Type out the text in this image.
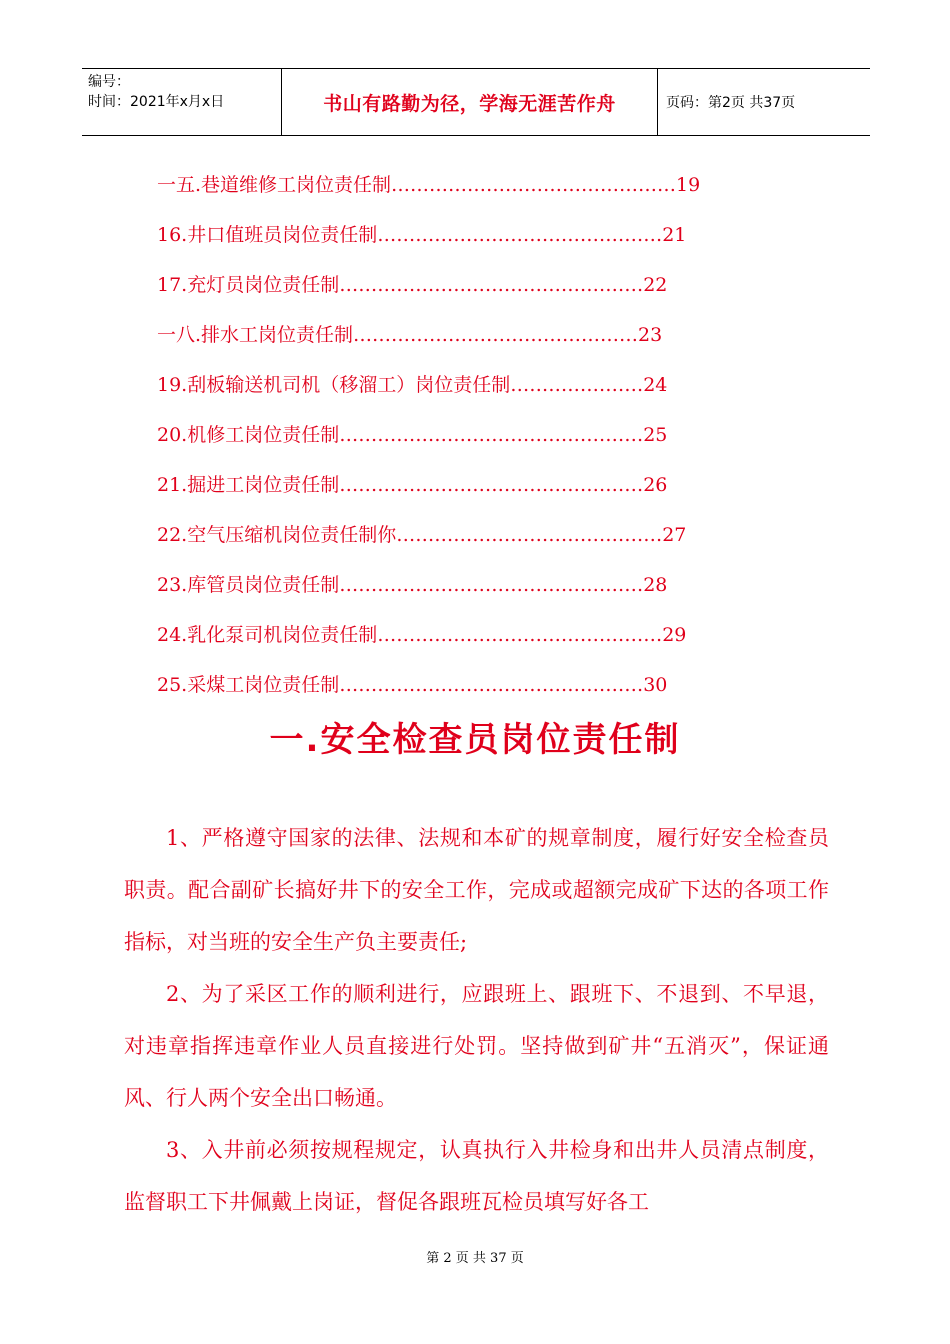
编号：
时间：2021年x月x日	书山有路勤为径，学海无涯苦作舟	页码：第2页 共37页
一五.巷道维修工岗位责任制 ……………………………………… 19
16.井口值班员岗位责任制 ……………………………………… 21
17.充灯员岗位责任制 ………………………………………… 22
一八.排水工岗位责任制 ……………………………………… 23
19.刮板输送机司机（移溜工）岗位责任制 ………………… 24
20.机修工岗位责任制 ………………………………………… 25
21.掘进工岗位责任制 ………………………………………… 26
22.空气压缩机岗位责任制你 …………………………………… 27
23.库管员岗位责任制 ………………………………………… 28
24.乳化泵司机岗位责任制 ……………………………………… 29
25.采煤工岗位责任制 ………………………………………… 30
一.安全检查员岗位责任制

1、严格遵守国家的法律、法规和本矿的规章制度，履行好安全检查员职责。配合副矿长搞好井下的安全工作，完成或超额完成矿下达的各项工作指标，对当班的安全生产负主要责任;

2、为了采区工作的顺利进行，应跟班上、跟班下、不退到、不早退，对违章指挥违章作业人员直接进行处罚。坚持做到矿井“五消灭”，保证通风、行人两个安全出口畅通。

3、入井前必须按规程规定，认真执行入井检身和出井人员清点制度，监督职工下井佩戴上岗证，督促各跟班瓦检员填写好各工

第 2 页 共 37 页
